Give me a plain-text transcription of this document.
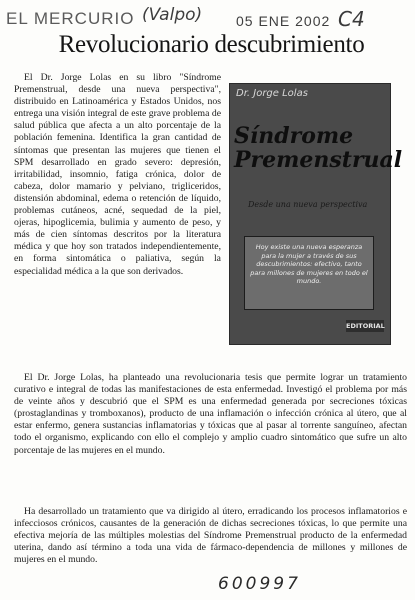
EL MERCURIO (Valpo) 05 ENE 2002 C4
Revolucionario descubrimiento

El Dr. Jorge Lolas en su libro "Síndrome Premenstrual, desde una nueva perspectiva", distribuido en Latinoamérica y Estados Unidos, nos entrega una visión integral de este grave problema de salud pública que afecta a un alto porcentaje de la población femenina. Identifica la gran cantidad de síntomas que presentan las mujeres que tienen el SPM desarrollado en grado severo: depresión, irritabilidad, insomnio, fatiga crónica, dolor de cabeza, dolor mamario y pelviano, trigliceridos, distensión abdominal, edema o retención de líquido, problemas cutáneos, acné, sequedad de la piel, ojeras, hipoglicemia, bulimia y aumento de peso, y más de cien síntomas descritos por la literatura médica y que hoy son tratados independientemente, en forma sintomática o paliativa, según la especialidad médica a la que son derivados.

Dr. Jorge Lolas
Síndrome
Premenstrual
Desde una nueva perspectiva
Hoy existe una nueva esperanza para la mujer a través de sus descubrimientos: efectivo, tanto para millones de mujeres en todo el mundo.
EDITORIAL

El Dr. Jorge Lolas, ha planteado una revolucionaria tesis que permite lograr un tratamiento curativo e integral de todas las manifestaciones de esta enfermedad. Investigó el problema por más de veinte años y descubrió que el SPM es una enfermedad generada por secreciones tóxicas (prostaglandinas y tromboxanos), producto de una inflamación o infección crónica al útero, que al estar enfermo, genera sustancias inflamatorias y tóxicas que al pasar al torrente sanguíneo, afectan todo el organismo, explicando con ello el complejo y amplio cuadro sintomático que sufre un alto porcentaje de las mujeres en el mundo.

Ha desarrollado un tratamiento que va dirigido al útero, erradicando los procesos inflamatorios e infecciosos crónicos, causantes de la generación de dichas secreciones tóxicas, lo que permite una efectiva mejoría de las múltiples molestias del Síndrome Premenstrual producto de la enfermedad uterina, dando así término a toda una vida de fármaco-dependencia de millones y millones de mujeres en el mundo.

600997
